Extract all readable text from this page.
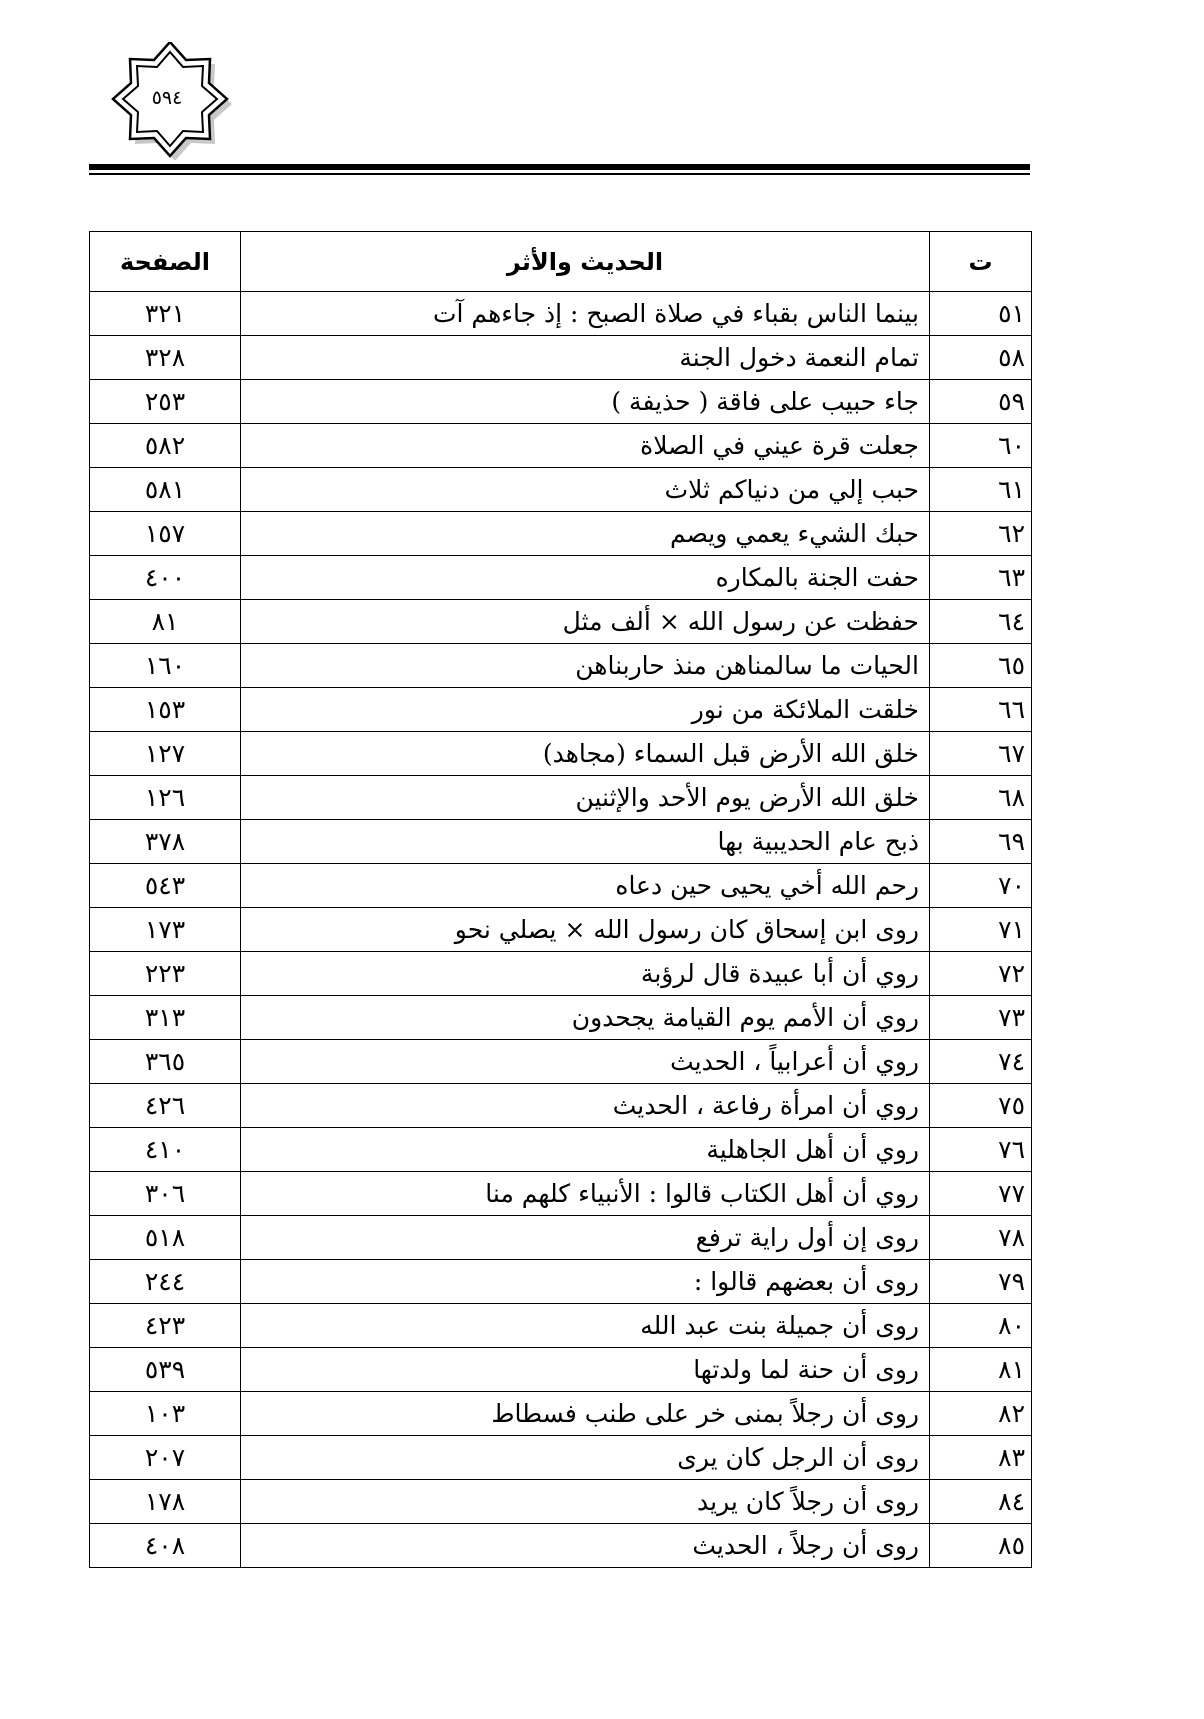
٥٩٤
ت	الحديث والأثر	الصفحة
٥١	بينما الناس بقباء في صلاة الصبح : إذ جاءهم آت	٣٢١
٥٨	تمام النعمة دخول الجنة	٣٢٨
٥٩	جاء حبيب على فاقة ( حذيفة )	٢٥٣
٦٠	جعلت قرة عيني في الصلاة	٥٨٢
٦١	حبب إلي من دنياكم ثلاث	٥٨١
٦٢	حبك الشيء يعمي ويصم	١٥٧
٦٣	حفت الجنة بالمكاره	٤٠٠
٦٤	حفظت عن رسول الله × ألف مثل	٨١
٦٥	الحيات ما سالمناهن منذ حاربناهن	١٦٠
٦٦	خلقت الملائكة من نور	١٥٣
٦٧	خلق الله الأرض قبل السماء (مجاهد)	١٢٧
٦٨	خلق الله الأرض يوم الأحد والإثنين	١٢٦
٦٩	ذبح عام الحديبية بها	٣٧٨
٧٠	رحم الله أخي يحيى حين دعاه	٥٤٣
٧١	روى ابن إسحاق كان رسول الله × يصلي نحو	١٧٣
٧٢	روي أن أبا عبيدة قال لرؤبة	٢٢٣
٧٣	روي أن الأمم يوم القيامة يجحدون	٣١٣
٧٤	روي أن أعرابياً ، الحديث	٣٦٥
٧٥	روي أن امرأة رفاعة ، الحديث	٤٢٦
٧٦	روي أن أهل الجاهلية	٤١٠
٧٧	روي أن أهل الكتاب قالوا : الأنبياء كلهم منا	٣٠٦
٧٨	روى إن أول راية ترفع	٥١٨
٧٩	روى أن بعضهم قالوا :	٢٤٤
٨٠	روى أن جميلة بنت عبد الله	٤٢٣
٨١	روى أن حنة لما ولدتها	٥٣٩
٨٢	روى أن رجلاً بمنى خر على طنب فسطاط	١٠٣
٨٣	روى أن الرجل كان يرى	٢٠٧
٨٤	روى أن رجلاً كان يريد	١٧٨
٨٥	روى أن رجلاً ، الحديث	٤٠٨
